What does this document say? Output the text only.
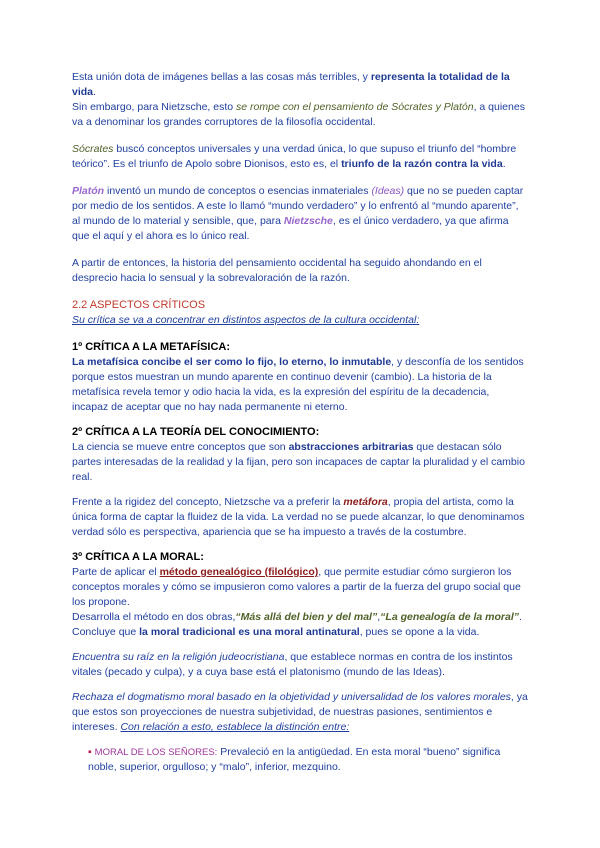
Esta unión dota de imágenes bellas a las cosas más terribles, y representa la totalidad de la vida.

Sin embargo, para Nietzsche, esto se rompe con el pensamiento de Sócrates y Platón, a quienes va a denominar los grandes corruptores de la filosofía occidental.

Sócrates buscó conceptos universales y una verdad única, lo que supuso el triunfo del “hombre teórico”. Es el triunfo de Apolo sobre Dionisos, esto es, el triunfo de la razón contra la vida.

Platón inventó un mundo de conceptos o esencias inmateriales (Ideas) que no se pueden captar por medio de los sentidos. A este lo llamó “mundo verdadero” y lo enfrentó al “mundo aparente”, al mundo de lo material y sensible, que, para Nietzsche, es el único verdadero, ya que afirma que el aquí y el ahora es lo único real.

A partir de entonces, la historia del pensamiento occidental ha seguido ahondando en el desprecio hacia lo sensual y la sobrevaloración de la razón.

2.2 ASPECTOS CRÍTICOS

Su crítica se va a concentrar en distintos aspectos de la cultura occidental:

1º CRÍTICA A LA METAFÍSICA:

La metafísica concibe el ser como lo fijo, lo eterno, lo inmutable, y desconfía de los sentidos porque estos muestran un mundo aparente en continuo devenir (cambio). La historia de la metafísica revela temor y odio hacia la vida, es la expresión del espíritu de la decadencia, incapaz de aceptar que no hay nada permanente ni eterno.

2º CRÍTICA A LA TEORÍA DEL CONOCIMIENTO:

La ciencia se mueve entre conceptos que son abstracciones arbitrarias que destacan sólo partes interesadas de la realidad y la fijan, pero son incapaces de captar la pluralidad y el cambio real.

Frente a la rigidez del concepto, Nietzsche va a preferir la metáfora, propia del artista, como la única forma de captar la fluidez de la vida. La verdad no se puede alcanzar, lo que denominamos verdad sólo es perspectiva, apariencia que se ha impuesto a través de la costumbre.

3º CRÍTICA A LA MORAL:

Parte de aplicar el método genealógico (filológico), que permite estudiar cómo surgieron los conceptos morales y cómo se impusieron como valores a partir de la fuerza del grupo social que los propone.

Desarrolla el método en dos obras,“Más allá del bien y del mal”,“La genealogía de la moral”.

Concluye que la moral tradicional es una moral antinatural, pues se opone a la vida.

Encuentra su raíz en la religión judeocristiana, que establece normas en contra de los instintos vitales (pecado y culpa), y a cuya base está el platonismo (mundo de las Ideas).

Rechaza el dogmatismo moral basado en la objetividad y universalidad de los valores morales, ya que estos son proyecciones de nuestra subjetividad, de nuestras pasiones, sentimientos e intereses. Con relación a esto, establece la distinción entre:

▪ MORAL DE LOS SEÑORES: Prevaleció en la antigüedad. En esta moral “bueno” significa noble, superior, orgulloso; y “malo”, inferior, mezquino.
